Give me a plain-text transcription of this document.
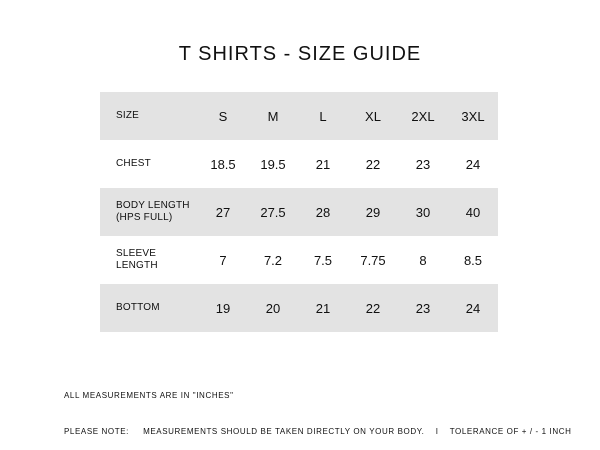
T SHIRTS - SIZE GUIDE
SIZE	S	M	L	XL	2XL	3XL
CHEST	18.5	19.5	21	22	23	24
BODY LENGTH
(HPS FULL)	27	27.5	28	29	30	40
SLEEVE
LENGTH	7	7.2	7.5	7.75	8	8.5
BOTTOM	19	20	21	22	23	24

ALL MEASUREMENTS ARE IN "INCHES"

PLEASE NOTE:     MEASUREMENTS SHOULD BE TAKEN DIRECTLY ON YOUR BODY.    I    TOLERANCE OF + / - 1 INCH
